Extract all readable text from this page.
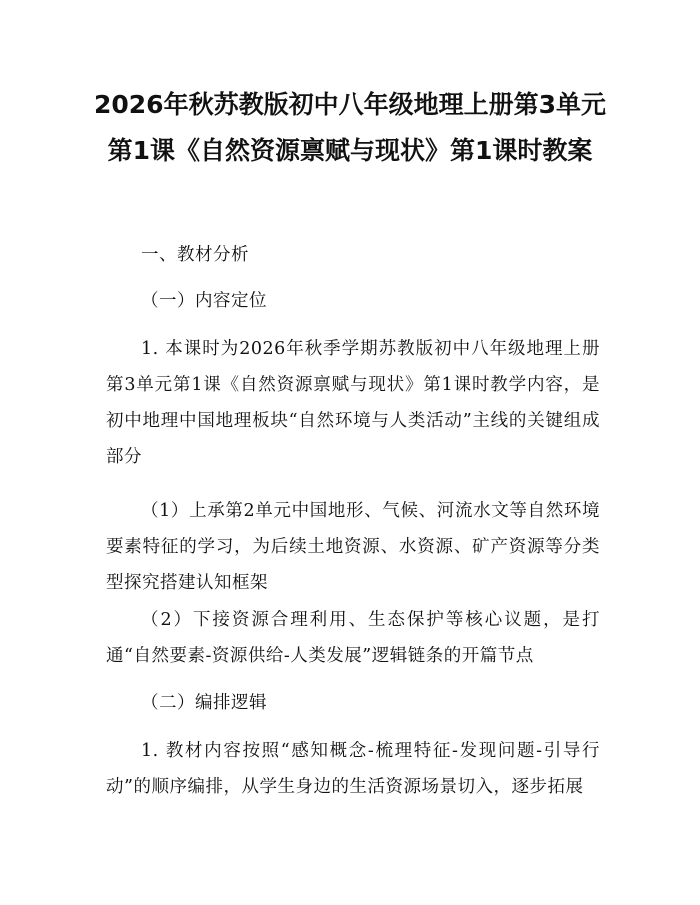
2026年秋苏教版初中八年级地理上册第3单元第1课《自然资源禀赋与现状》第1课时教案

一、教材分析

（一）内容定位

1. 本课时为2026年秋季学期苏教版初中八年级地理上册第3单元第1课《自然资源禀赋与现状》第1课时教学内容，是初中地理中国地理板块“自然环境与人类活动”主线的关键组成部分

（1）上承第2单元中国地形、气候、河流水文等自然环境要素特征的学习，为后续土地资源、水资源、矿产资源等分类型探究搭建认知框架

（2）下接资源合理利用、生态保护等核心议题，是打通“自然要素-资源供给-人类发展”逻辑链条的开篇节点

（二）编排逻辑

1. 教材内容按照“感知概念-梳理特征-发现问题-引导行动”的顺序编排，从学生身边的生活资源场景切入，逐步拓展
